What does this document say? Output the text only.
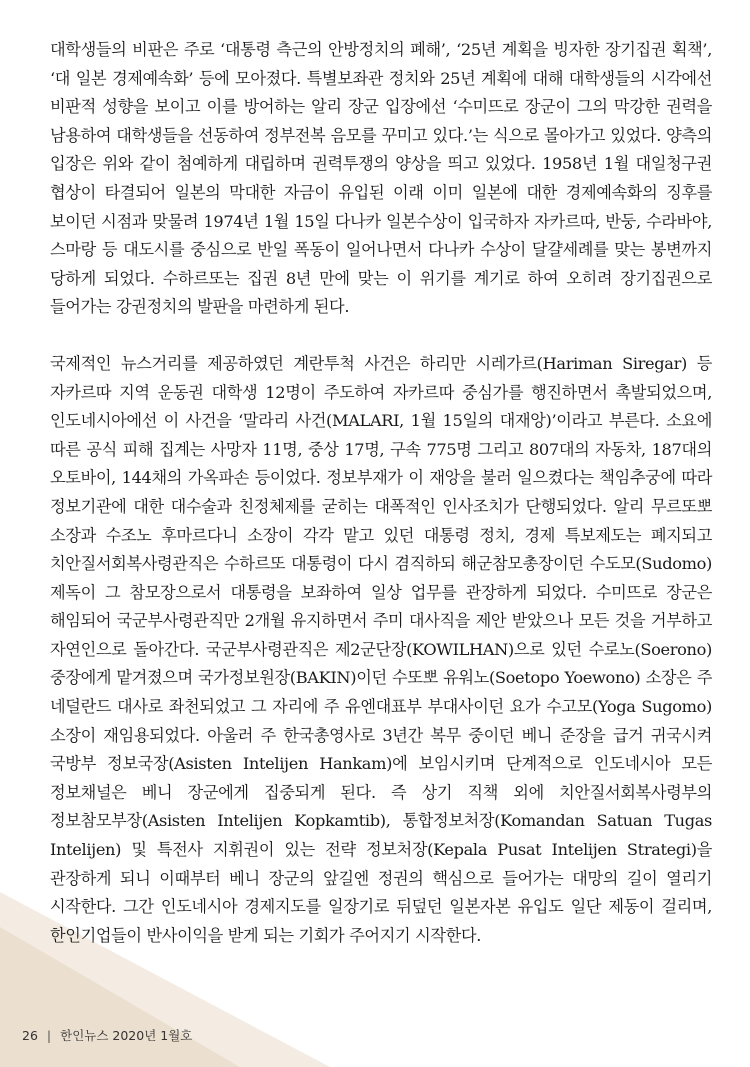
대학생들의 비판은 주로 ‘대통령 측근의 안방정치의 폐해’, ‘25년 계획을 빙자한 장기집권 획책’, ‘대 일본 경제예속화’ 등에 모아졌다. 특별보좌관 정치와 25년 계획에 대해 대학생들의 시각에선 비판적 성향을 보이고 이를 방어하는 알리 장군 입장에선 ‘수미뜨로 장군이 그의 막강한 권력을 남용하여 대학생들을 선동하여 정부전복 음모를 꾸미고 있다.’는 식으로 몰아가고 있었다. 양측의 입장은 위와 같이 첨예하게 대립하며 권력투쟁의 양상을 띄고 있었다. 1958년 1월 대일청구권 협상이 타결되어 일본의 막대한 자금이 유입된 이래 이미 일본에 대한 경제예속화의 징후를 보이던 시점과 맞물려 1974년 1월 15일 다나카 일본수상이 입국하자 자카르따, 반둥, 수라바야, 스마랑 등 대도시를 중심으로 반일 폭동이 일어나면서 다나카 수상이 달걀세례를 맞는 봉변까지 당하게 되었다. 수하르또는 집권 8년 만에 맞는 이 위기를 계기로 하여 오히려 장기집권으로 들어가는 강권정치의 발판을 마련하게 된다.

국제적인 뉴스거리를 제공하였던 계란투척 사건은 하리만 시레가르(Hariman Siregar) 등 자카르따 지역 운동권 대학생 12명이 주도하여 자카르따 중심가를 행진하면서 촉발되었으며, 인도네시아에선 이 사건을 ‘말라리 사건(MALARI, 1월 15일의 대재앙)’이라고 부른다. 소요에 따른 공식 피해 집계는 사망자 11명, 중상 17명, 구속 775명 그리고 807대의 자동차, 187대의 오토바이, 144채의 가옥파손 등이었다. 정보부재가 이 재앙을 불러 일으켰다는 책임추궁에 따라 정보기관에 대한 대수술과 친정체제를 굳히는 대폭적인 인사조치가 단행되었다. 알리 무르또뽀 소장과 수조노 후마르다니 소장이 각각 맡고 있던 대통령 정치, 경제 특보제도는 폐지되고 치안질서회복사령관직은 수하르또 대통령이 다시 겸직하되 해군참모총장이던 수도모(Sudomo) 제독이 그 참모장으로서 대통령을 보좌하여 일상 업무를 관장하게 되었다. 수미뜨로 장군은 해임되어 국군부사령관직만 2개월 유지하면서 주미 대사직을 제안 받았으나 모든 것을 거부하고 자연인으로 돌아간다. 국군부사령관직은 제2군단장(KOWILHAN)으로 있던 수로노(Soerono) 중장에게 맡겨졌으며 국가정보원장(BAKIN)이던 수또뽀 유워노(Soetopo Yoewono) 소장은 주 네덜란드 대사로 좌천되었고 그 자리에 주 유엔대표부 부대사이던 요가 수고모(Yoga Sugomo) 소장이 재임용되었다. 아울러 주 한국총영사로 3년간 복무 중이던 베니 준장을 급거 귀국시켜 국방부 정보국장(Asisten Intelijen Hankam)에 보임시키며 단계적으로 인도네시아 모든 정보채널은 베니 장군에게 집중되게 된다. 즉 상기 직책 외에 치안질서회복사령부의 정보참모부장(Asisten Intelijen Kopkamtib), 통합정보처장(Komandan Satuan Tugas Intelijen) 및 특전사 지휘권이 있는 전략 정보처장(Kepala Pusat Intelijen Strategi)을 관장하게 되니 이때부터 베니 장군의 앞길엔 정권의 핵심으로 들어가는 대망의 길이 열리기 시작한다. 그간 인도네시아 경제지도를 일장기로 뒤덮던 일본자본 유입도 일단 제동이 걸리며, 한인기업들이 반사이익을 받게 되는 기회가 주어지기 시작한다.

26 | 한인뉴스 2020년 1월호
